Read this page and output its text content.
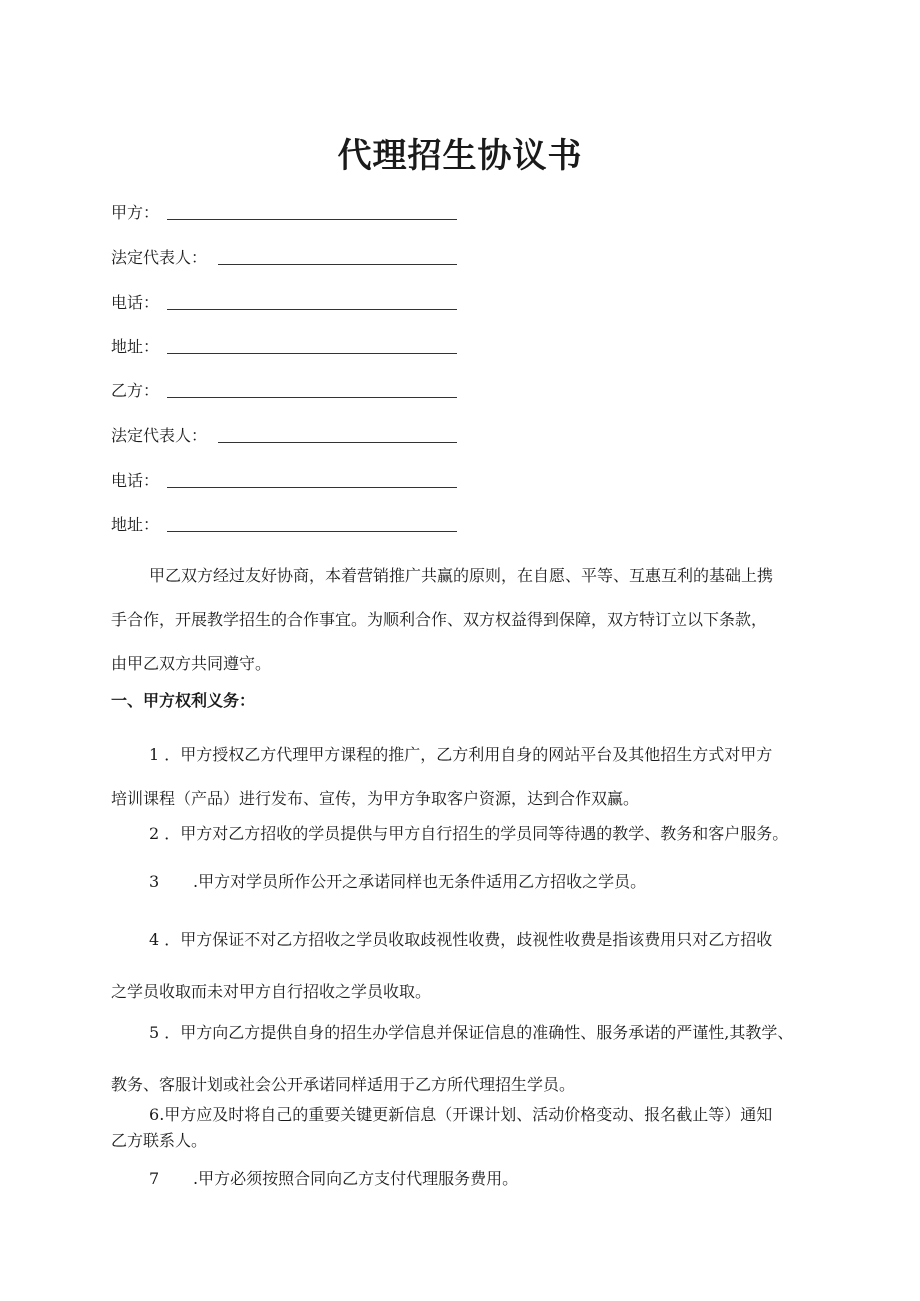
代理招生协议书
甲方：
法定代表人：
电话：
地址：
乙方：
法定代表人：
电话：
地址：
甲乙双方经过友好协商，本着营销推广共赢的原则，在自愿、平等、互惠互利的基础上携
手合作，开展教学招生的合作事宜。为顺利合作、双方权益得到保障，双方特订立以下条款，
由甲乙双方共同遵守。
一、甲方权利义务：
1 ．甲方授权乙方代理甲方课程的推广，乙方利用自身的网站平台及其他招生方式对甲方
培训课程（产品）进行发布、宣传，为甲方争取客户资源，达到合作双赢。
2 ．甲方对乙方招收的学员提供与甲方自行招生的学员同等待遇的教学、教务和客户服务。
3 .甲方对学员所作公开之承诺同样也无条件适用乙方招收之学员。
4 ．甲方保证不对乙方招收之学员收取歧视性收费，歧视性收费是指该费用只对乙方招收
之学员收取而未对甲方自行招收之学员收取。
5 ．甲方向乙方提供自身的招生办学信息并保证信息的准确性、服务承诺的严谨性,其教学、
教务、客服计划或社会公开承诺同样适用于乙方所代理招生学员。
6.甲方应及时将自己的重要关键更新信息（开课计划、活动价格变动、报名截止等）通知
乙方联系人。
7 .甲方必须按照合同向乙方支付代理服务费用。
